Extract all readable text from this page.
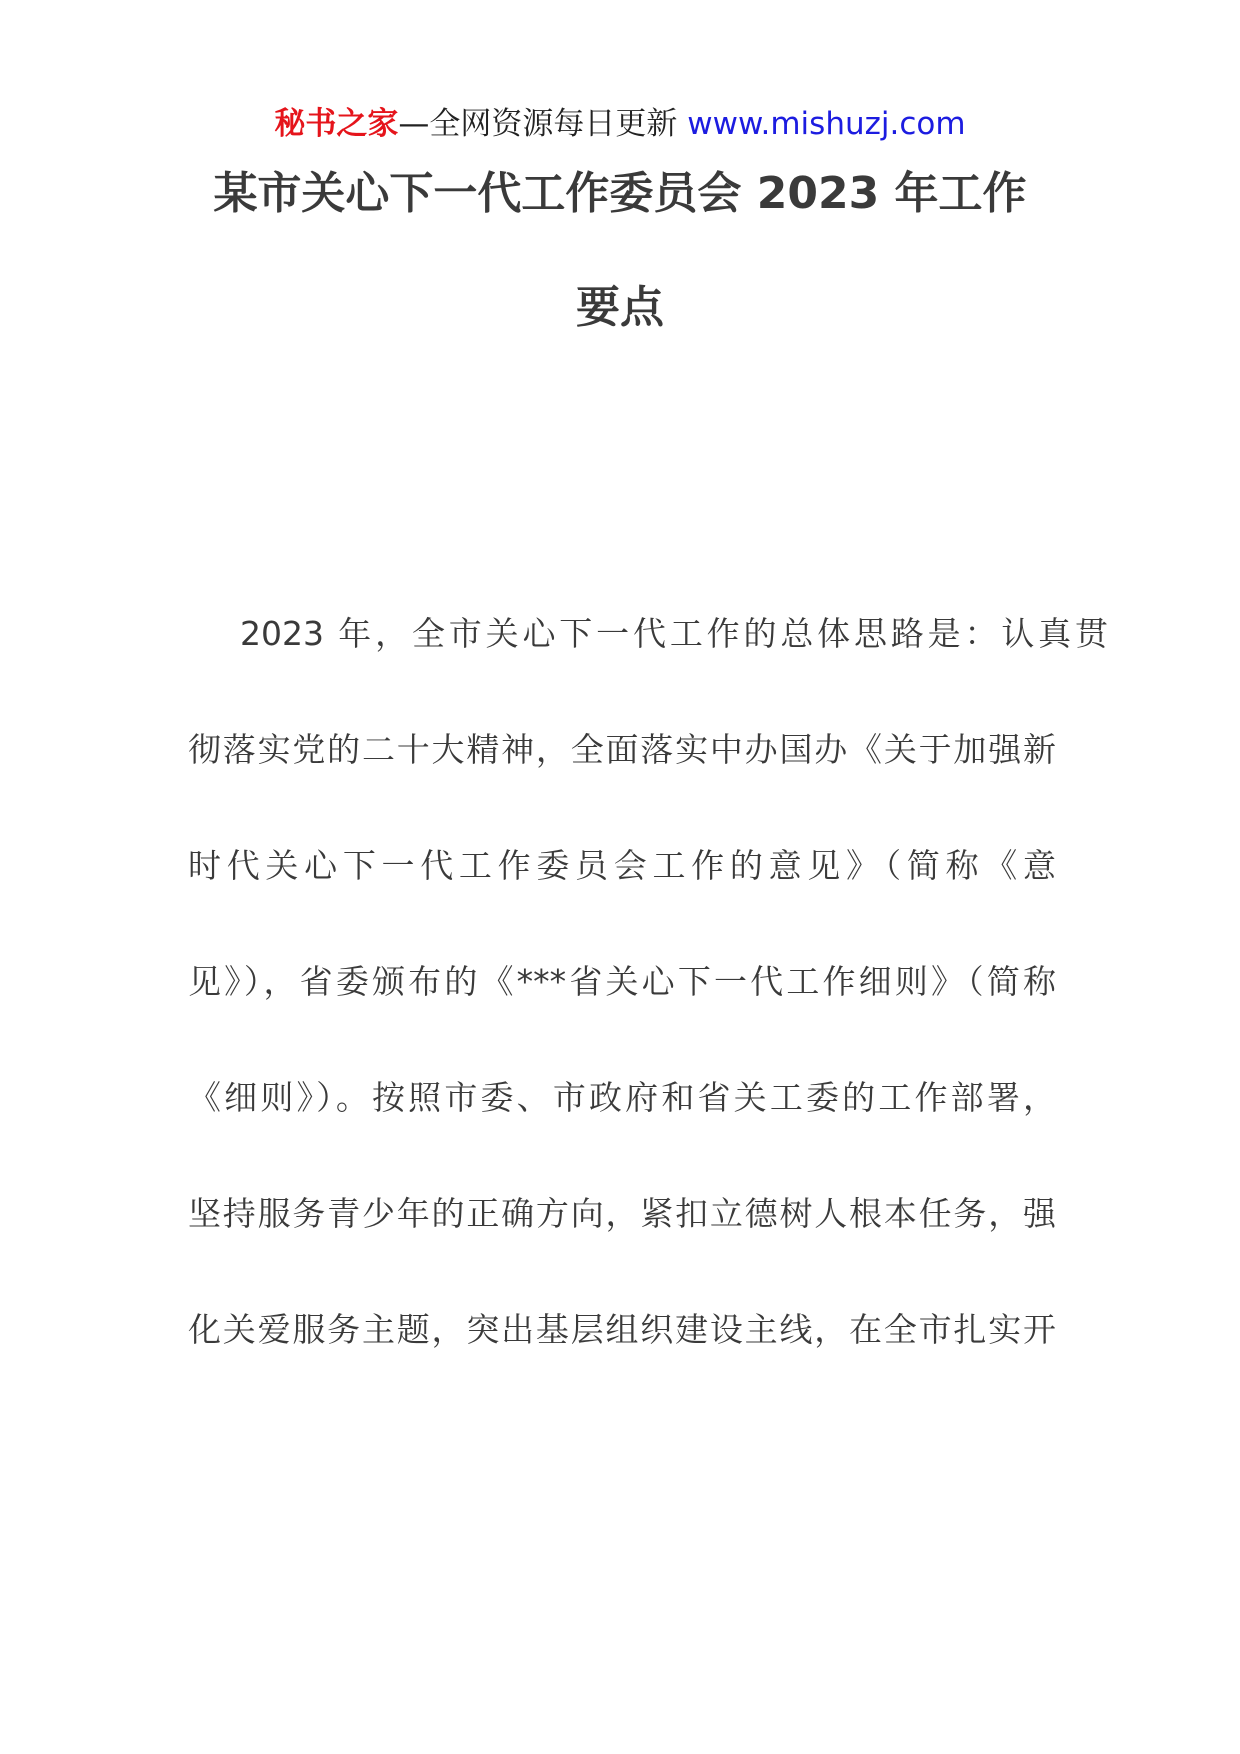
秘书之家—全网资源每日更新 www.mishuzj.com
某市关心下一代工作委员会 2023 年工作
要点
2023 年，全市关心下一代工作的总体思路是：认真贯
彻落实党的二十大精神，全面落实中办国办《关于加强新
时代关心下一代工作委员会工作的意见》（简称《意
见》），省委颁布的《***省关心下一代工作细则》（简称
《细则》）。按照市委、市政府和省关工委的工作部署，
坚持服务青少年的正确方向，紧扣立德树人根本任务，强
化关爱服务主题，突出基层组织建设主线，在全市扎实开
